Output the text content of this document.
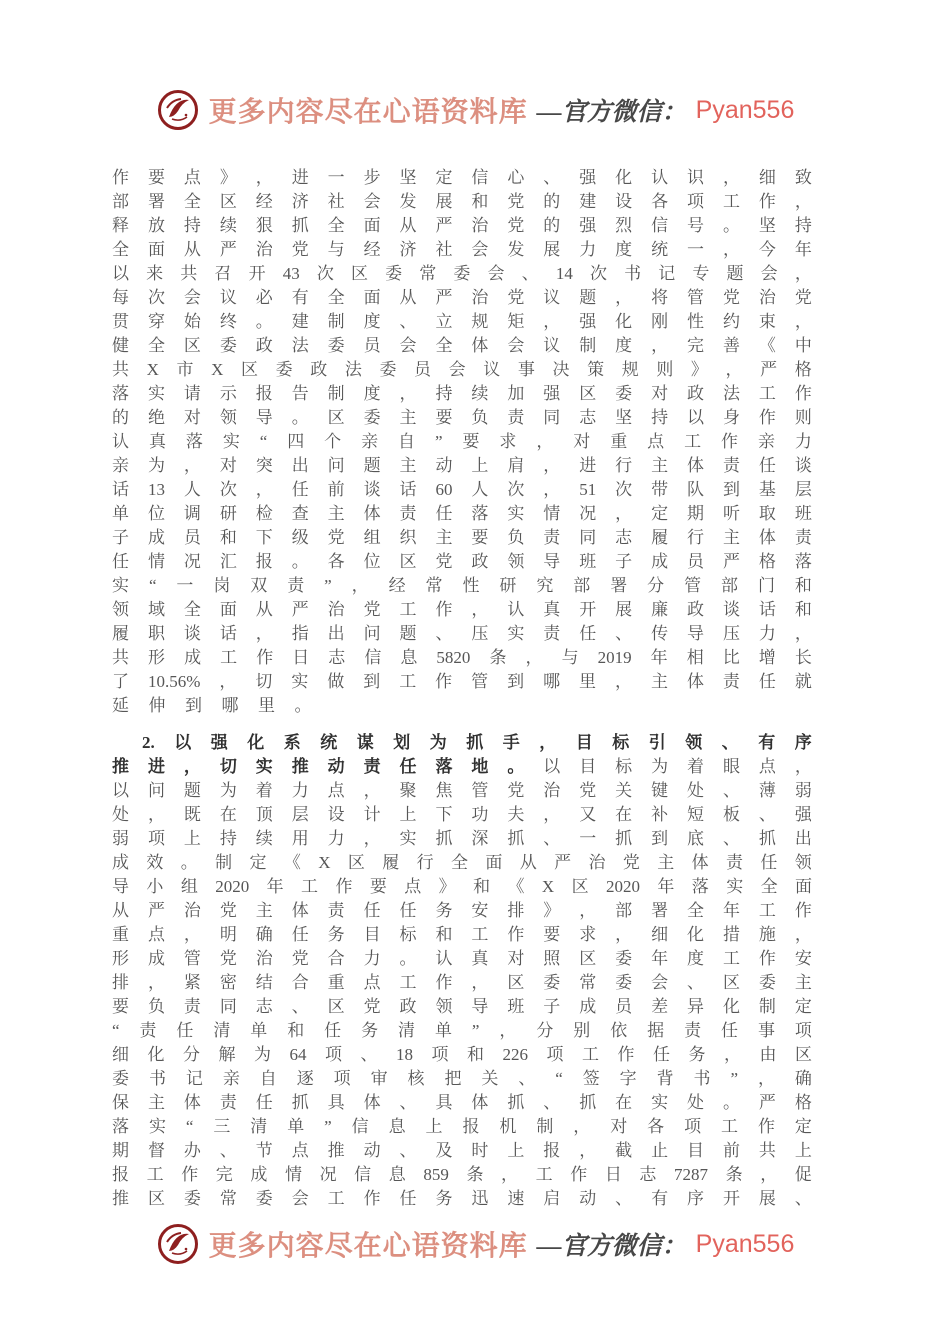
更多内容尽在心语资料库 —官方微信： Pyan556
作 要 点 》 ， 进 一 步 坚 定 信 心 、 强 化 认 识 ， 细 致
部 署 全 区 经 济 社 会 发 展 和 党 的 建 设 各 项 工 作 ，
释 放 持 续 狠 抓 全 面 从 严 治 党 的 强 烈 信 号 。 坚 持
全 面 从 严 治 党 与 经 济 社 会 发 展 力 度 统 一 ， 今 年
以 来 共 召 开 43 次 区 委 常 委 会 、 14 次 书 记 专 题 会 ，
每 次 会 议 必 有 全 面 从 严 治 党 议 题 ， 将 管 党 治 党
贯 穿 始 终 。 建 制 度 、 立 规 矩 ， 强 化 刚 性 约 束 ，
健 全 区 委 政 法 委 员 会 全 体 会 议 制 度 ， 完 善 《 中
共 X 市 X 区 委 政 法 委 员 会 议 事 决 策 规 则 》 ， 严 格
落 实 请 示 报 告 制 度 ， 持 续 加 强 区 委 对 政 法 工 作
的 绝 对 领 导 。 区 委 主 要 负 责 同 志 坚 持 以 身 作 则
认 真 落 实 “ 四 个 亲 自 ” 要 求 ， 对 重 点 工 作 亲 力
亲 为 ， 对 突 出 问 题 主 动 上 肩 ， 进 行 主 体 责 任 谈
话 13 人 次 ， 任 前 谈 话 60 人 次 ， 51 次 带 队 到 基 层
单 位 调 研 检 查 主 体 责 任 落 实 情 况 ， 定 期 听 取 班
子 成 员 和 下 级 党 组 织 主 要 负 责 同 志 履 行 主 体 责
任 情 况 汇 报 。 各 位 区 党 政 领 导 班 子 成 员 严 格 落
实 “ 一 岗 双 责 ” ， 经 常 性 研 究 部 署 分 管 部 门 和
领 域 全 面 从 严 治 党 工 作 ， 认 真 开 展 廉 政 谈 话 和
履 职 谈 话 ， 指 出 问 题 、 压 实 责 任 、 传 导 压 力 ，
共 形 成 工 作 日 志 信 息 5820 条 ， 与 2019 年 相 比 增 长
了 10.56% ， 切 实 做 到 工 作 管 到 哪 里 ， 主 体 责 任 就
延 伸 到 哪 里 。
2. 以 强 化 系 统 谋 划 为 抓 手 ， 目 标 引 领 、 有 序
推 进 ， 切 实 推 动 责 任 落 地 。 以 目 标 为 着 眼 点 ，
以 问 题 为 着 力 点 ， 聚 焦 管 党 治 党 关 键 处 、 薄 弱
处 ， 既 在 顶 层 设 计 上 下 功 夫 ， 又 在 补 短 板 、 强
弱 项 上 持 续 用 力 ， 实 抓 深 抓 、 一 抓 到 底 、 抓 出
成 效 。 制 定 《 X 区 履 行 全 面 从 严 治 党 主 体 责 任 领
导 小 组 2020 年 工 作 要 点 》 和 《 X 区 2020 年 落 实 全 面
从 严 治 党 主 体 责 任 任 务 安 排 》 ， 部 署 全 年 工 作
重 点 ， 明 确 任 务 目 标 和 工 作 要 求 ， 细 化 措 施 ，
形 成 管 党 治 党 合 力 。 认 真 对 照 区 委 年 度 工 作 安
排 ， 紧 密 结 合 重 点 工 作 ， 区 委 常 委 会 、 区 委 主
要 负 责 同 志 、 区 党 政 领 导 班 子 成 员 差 异 化 制 定
“ 责 任 清 单 和 任 务 清 单 ” ， 分 别 依 据 责 任 事 项
细 化 分 解 为 64 项 、 18 项 和 226 项 工 作 任 务 ， 由 区
委 书 记 亲 自 逐 项 审 核 把 关 、 “ 签 字 背 书 ” ， 确
保 主 体 责 任 抓 具 体 、 具 体 抓 、 抓 在 实 处 。 严 格
落 实 “ 三 清 单 ” 信 息 上 报 机 制 ， 对 各 项 工 作 定
期 督 办 、 节 点 推 动 、 及 时 上 报 ， 截 止 目 前 共 上
报 工 作 完 成 情 况 信 息 859 条 ， 工 作 日 志 7287 条 ， 促
推 区 委 常 委 会 工 作 任 务 迅 速 启 动 、 有 序 开 展 、
更多内容尽在心语资料库 —官方微信： Pyan556
